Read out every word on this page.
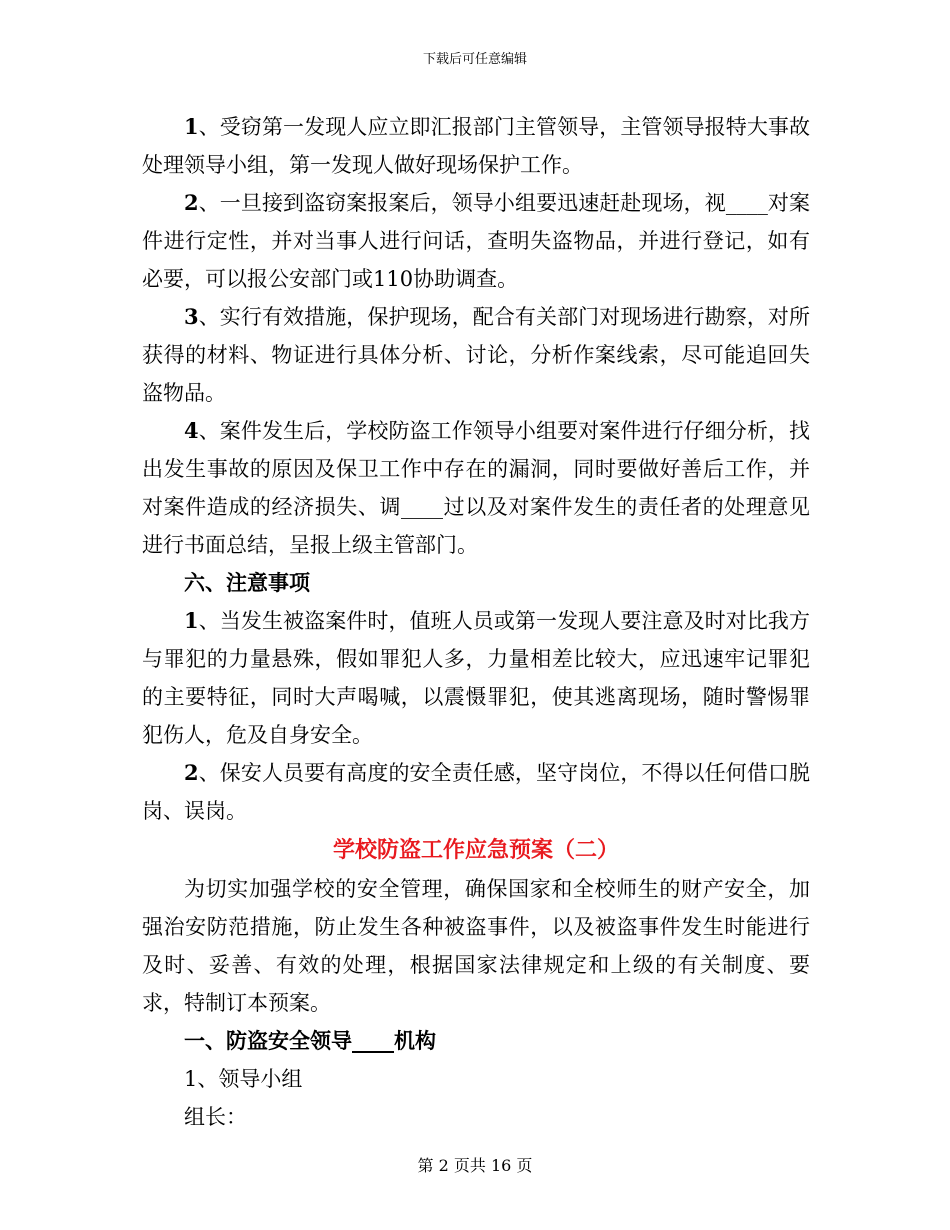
下载后可任意编辑

1、受窃第一发现人应立即汇报部门主管领导，主管领导报特大事故处理领导小组，第一发现人做好现场保护工作。

2、一旦接到盗窃案报案后，领导小组要迅速赶赴现场，视____对案件进行定性，并对当事人进行问话，查明失盗物品，并进行登记，如有必要，可以报公安部门或110协助调查。

3、实行有效措施，保护现场，配合有关部门对现场进行勘察，对所获得的材料、物证进行具体分析、讨论，分析作案线索，尽可能追回失盗物品。

4、案件发生后，学校防盗工作领导小组要对案件进行仔细分析，找出发生事故的原因及保卫工作中存在的漏洞，同时要做好善后工作，并对案件造成的经济损失、调____过以及对案件发生的责任者的处理意见进行书面总结，呈报上级主管部门。

六、注意事项

1、当发生被盗案件时，值班人员或第一发现人要注意及时对比我方与罪犯的力量悬殊，假如罪犯人多，力量相差比较大，应迅速牢记罪犯的主要特征，同时大声喝喊，以震慑罪犯，使其逃离现场，随时警惕罪犯伤人，危及自身安全。

2、保安人员要有高度的安全责任感，坚守岗位，不得以任何借口脱岗、误岗。

学校防盗工作应急预案（二）

为切实加强学校的安全管理，确保国家和全校师生的财产安全，加强治安防范措施，防止发生各种被盗事件，以及被盗事件发生时能进行及时、妥善、有效的处理，根据国家法律规定和上级的有关制度、要求，特制订本预案。

一、防盗安全领导____机构

1、领导小组

组长：

第 2 页共 16 页
